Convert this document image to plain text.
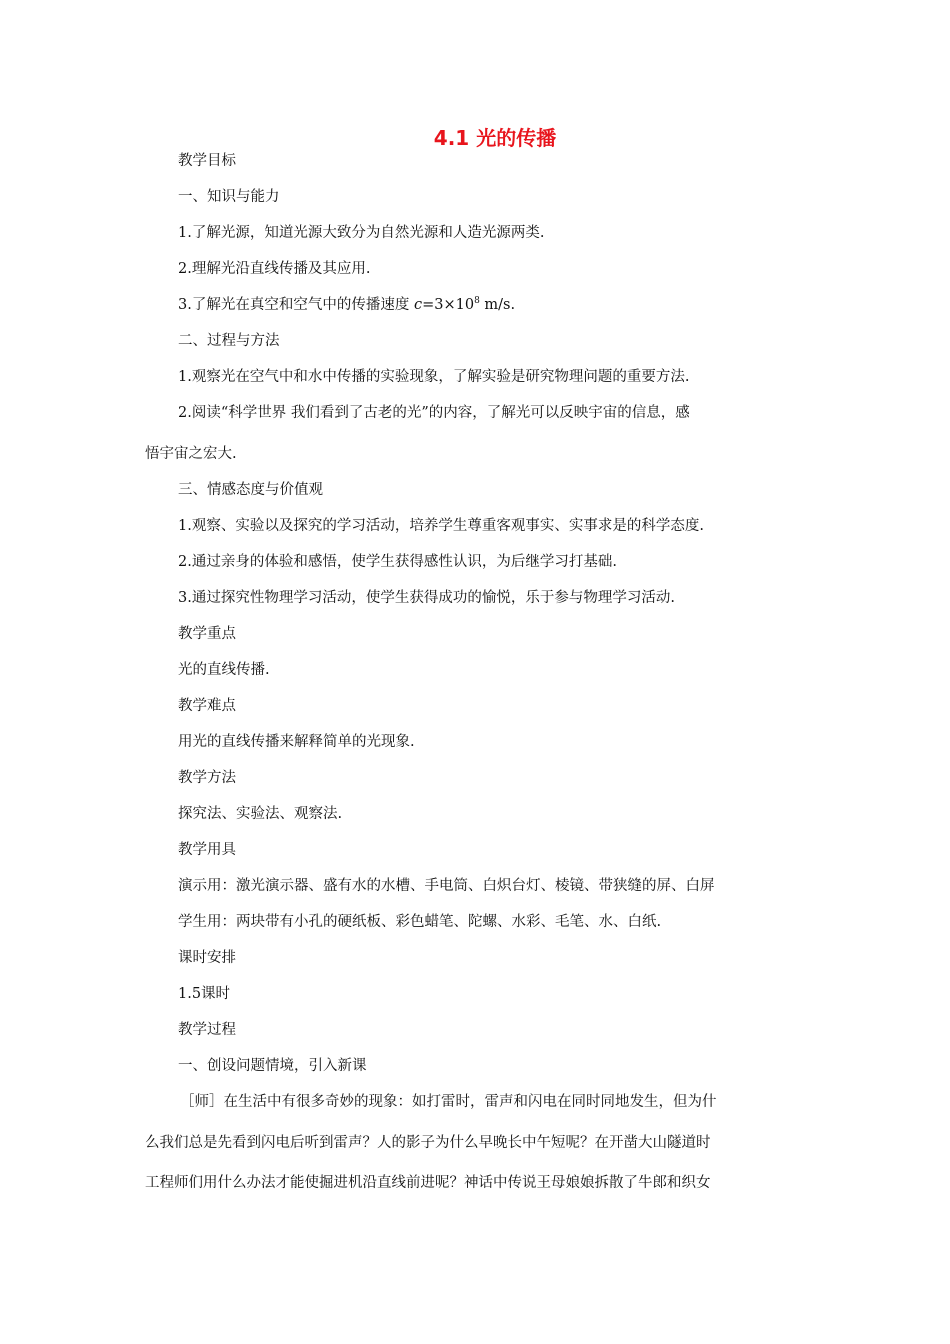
4.1 光的传播
教学目标
一、知识与能力
1.了解光源，知道光源大致分为自然光源和人造光源两类.
2.理解光沿直线传播及其应用.
3.了解光在真空和空气中的传播速度 $c=3\times 10^8$ m/s.
二、过程与方法
1.观察光在空气中和水中传播的实验现象，了解实验是研究物理问题的重要方法.
2.阅读“科学世界 我们看到了古老的光”的内容，了解光可以反映宇宙的信息，感
悟宇宙之宏大.
三、情感态度与价值观
1.观察、实验以及探究的学习活动，培养学生尊重客观事实、实事求是的科学态度.
2.通过亲身的体验和感悟，使学生获得感性认识，为后继学习打基础.
3.通过探究性物理学习活动，使学生获得成功的愉悦，乐于参与物理学习活动.
教学重点
光的直线传播.
教学难点
用光的直线传播来解释简单的光现象.
教学方法
探究法、实验法、观察法.
教学用具
演示用：激光演示器、盛有水的水槽、手电筒、白炽台灯、棱镜、带狭缝的屏、白屏
学生用：两块带有小孔的硬纸板、彩色蜡笔、陀螺、水彩、毛笔、水、白纸.
课时安排
1.5课时
教学过程
一、创设问题情境，引入新课
［师］在生活中有很多奇妙的现象：如打雷时，雷声和闪电在同时同地发生，但为什
么我们总是先看到闪电后听到雷声？人的影子为什么早晚长中午短呢？在开凿大山隧道时
工程师们用什么办法才能使掘进机沿直线前进呢？神话中传说王母娘娘拆散了牛郎和织女
